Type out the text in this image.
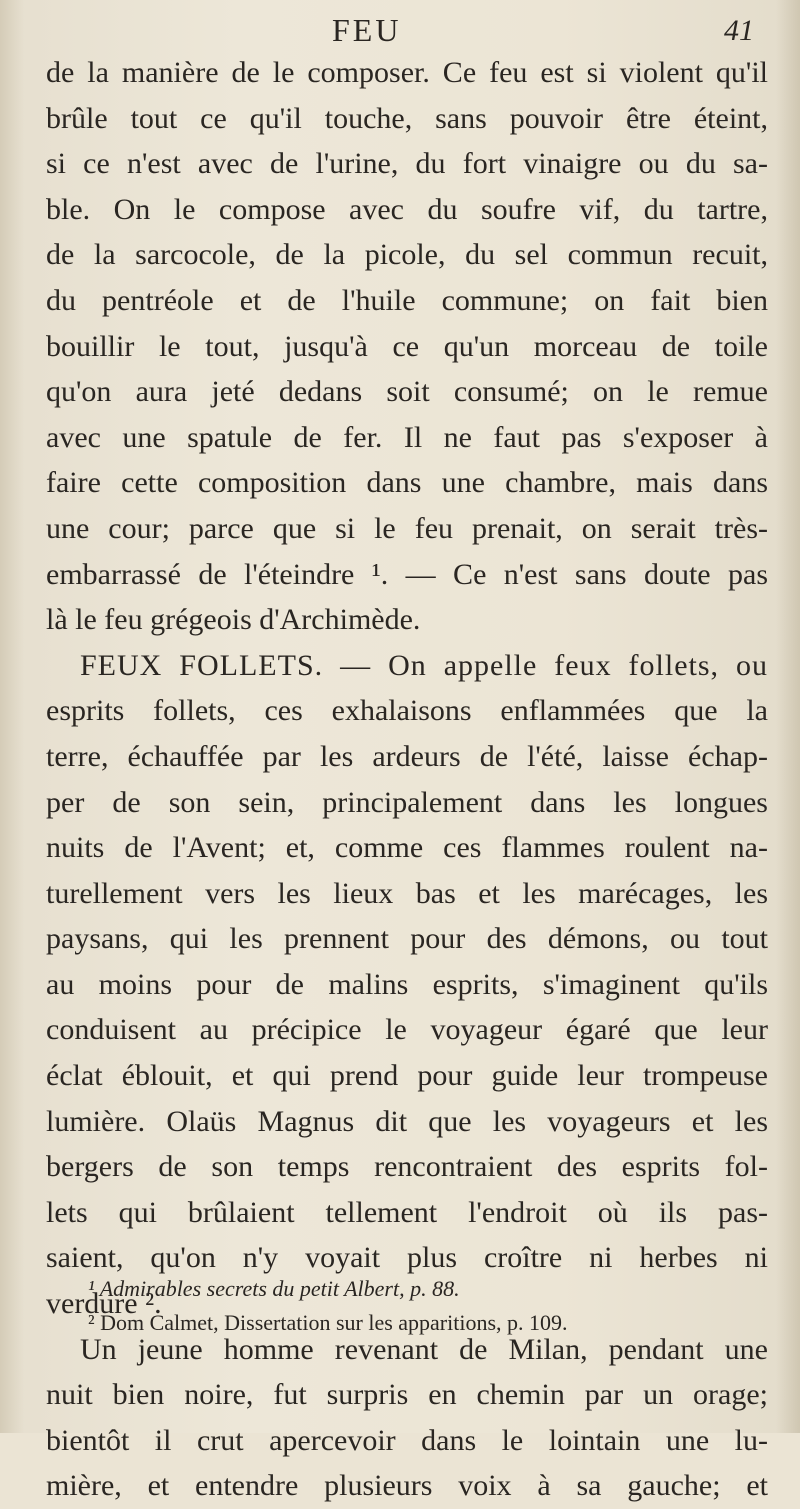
FEU	41
de la manière de le composer. Ce feu est si violent qu'il
brûle tout ce qu'il touche, sans pouvoir être éteint,
si ce n'est avec de l'urine, du fort vinaigre ou du sa-
ble. On le compose avec du soufre vif, du tartre,
de la sarcocole, de la picole, du sel commun recuit,
du pentréole et de l'huile commune; on fait bien
bouillir le tout, jusqu'à ce qu'un morceau de toile
qu'on aura jeté dedans soit consumé; on le remue
avec une spatule de fer. Il ne faut pas s'exposer à
faire cette composition dans une chambre, mais dans
une cour; parce que si le feu prenait, on serait très-
embarrassé de l'éteindre ¹. — Ce n'est sans doute pas
là le feu grégeois d'Archimède.
FEUX FOLLETS. — On appelle feux follets, ou
esprits follets, ces exhalaisons enflammées que la
terre, échauffée par les ardeurs de l'été, laisse échap-
per de son sein, principalement dans les longues
nuits de l'Avent; et, comme ces flammes roulent na-
turellement vers les lieux bas et les marécages, les
paysans, qui les prennent pour des démons, ou tout
au moins pour de malins esprits, s'imaginent qu'ils
conduisent au précipice le voyageur égaré que leur
éclat éblouit, et qui prend pour guide leur trompeuse
lumière. Olaüs Magnus dit que les voyageurs et les
bergers de son temps rencontraient des esprits fol-
lets qui brûlaient tellement l'endroit où ils pas-
saient, qu'on n'y voyait plus croître ni herbes ni
verdure ².
Un jeune homme revenant de Milan, pendant une
nuit bien noire, fut surpris en chemin par un orage;
bientôt il crut apercevoir dans le lointain une lu-
mière, et entendre plusieurs voix à sa gauche; et
¹ Admirables secrets du petit Albert, p. 88.
² Dom Calmet, Dissertation sur les apparitions, p. 109.
